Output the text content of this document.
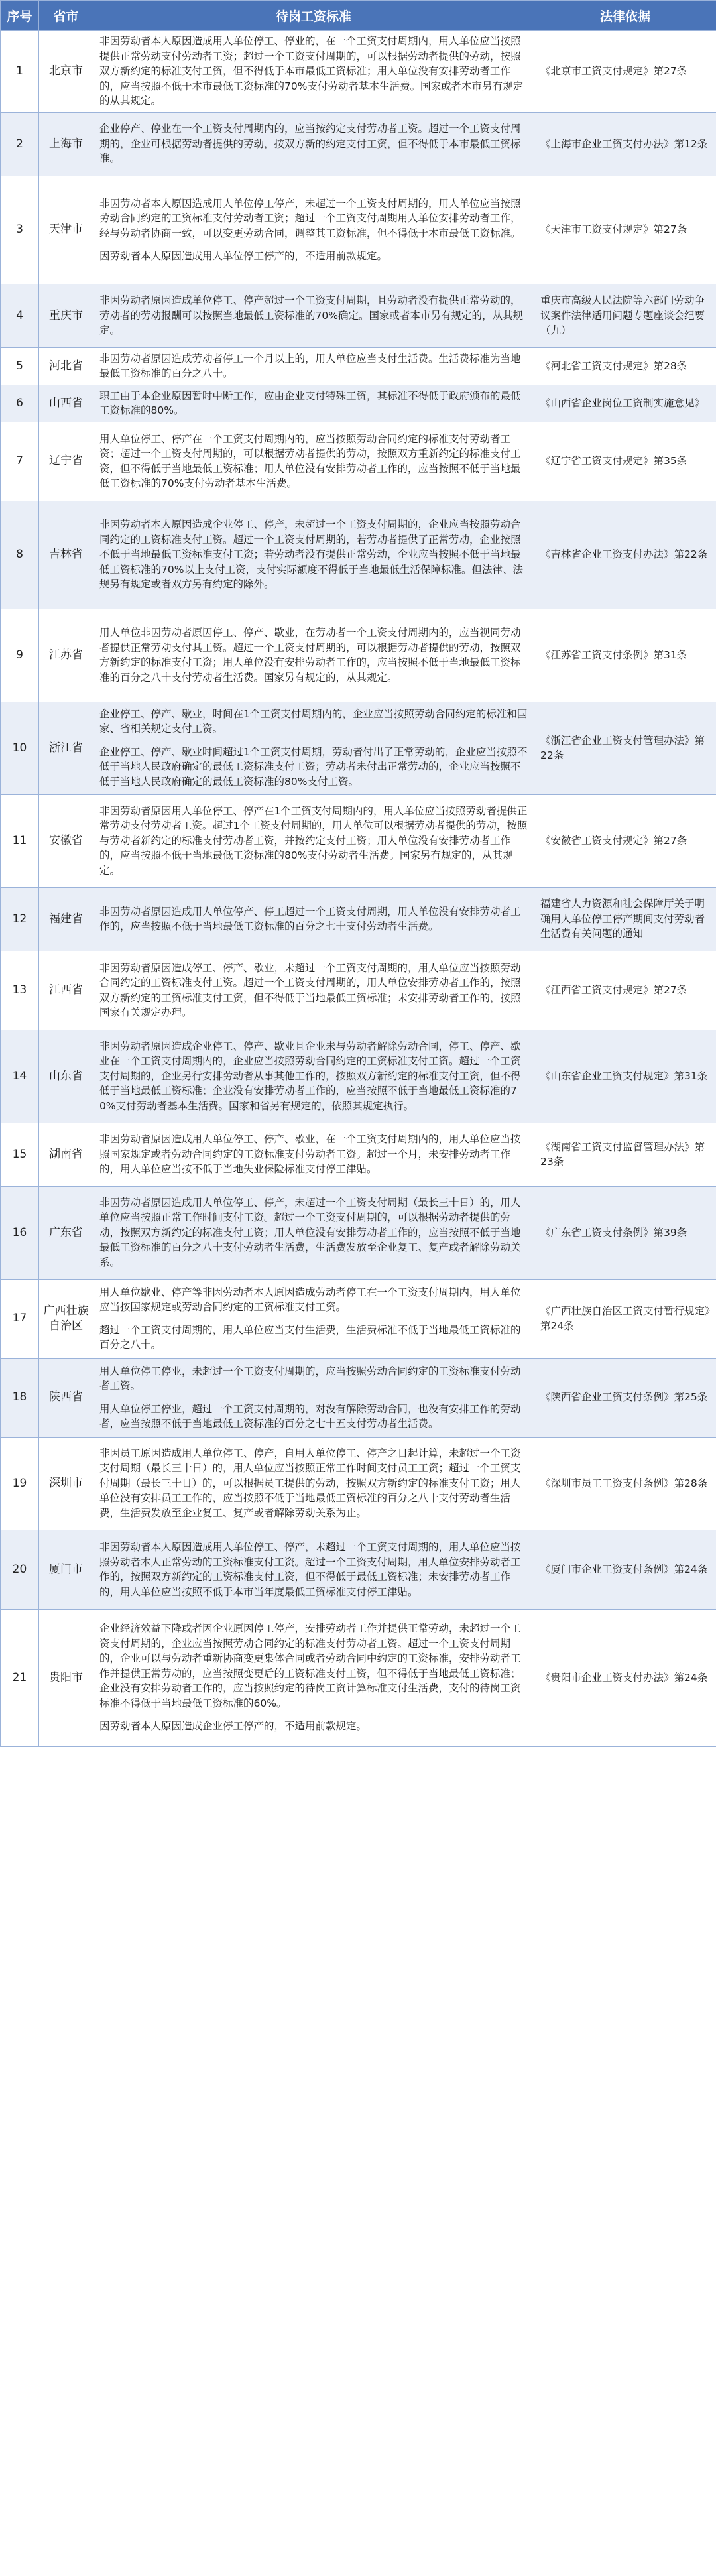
序号	省市	待岗工资标准	法律依据
1	北京市	非因劳动者本人原因造成用人单位停工、停业的，在一个工资支付周期内，用人单位应当按照提供正常劳动支付劳动者工资；超过一个工资支付周期的，可以根据劳动者提供的劳动，按照双方新约定的标准支付工资，但不得低于本市最低工资标准；用人单位没有安排劳动者工作的，应当按照不低于本市最低工资标准的70%支付劳动者基本生活费。国家或者本市另有规定的从其规定。	《北京市工资支付规定》第27条
2	上海市	企业停产、停业在一个工资支付周期内的，应当按约定支付劳动者工资。超过一个工资支付周期的，企业可根据劳动者提供的劳动，按双方新的约定支付工资，但不得低于本市最低工资标准。	《上海市企业工资支付办法》第12条
3	天津市	非因劳动者本人原因造成用人单位停工停产，未超过一个工资支付周期的，用人单位应当按照劳动合同约定的工资标准支付劳动者工资；超过一个工资支付周期用人单位安排劳动者工作，经与劳动者协商一致，可以变更劳动合同，调整其工资标准，但不得低于本市最低工资标准。

因劳动者本人原因造成用人单位停工停产的，不适用前款规定。	《天津市工资支付规定》第27条
4	重庆市	非因劳动者原因造成单位停工、停产超过一个工资支付周期，且劳动者没有提供正常劳动的，劳动者的劳动报酬可以按照当地最低工资标准的70%确定。国家或者本市另有规定的，从其规定。	重庆市高级人民法院等六部门劳动争议案件法律适用问题专题座谈会纪要（九）
5	河北省	非因劳动者原因造成劳动者停工一个月以上的，用人单位应当支付生活费。生活费标准为当地最低工资标准的百分之八十。	《河北省工资支付规定》第28条
6	山西省	职工由于本企业原因暂时中断工作，应由企业支付特殊工资，其标准不得低于政府颁布的最低工资标准的80%。	《山西省企业岗位工资制实施意见》
7	辽宁省	用人单位停工、停产在一个工资支付周期内的，应当按照劳动合同约定的标准支付劳动者工资；超过一个工资支付周期的，可以根据劳动者提供的劳动，按照双方重新约定的标准支付工资，但不得低于当地最低工资标准；用人单位没有安排劳动者工作的，应当按照不低于当地最低工资标准的70%支付劳动者基本生活费。	《辽宁省工资支付规定》第35条
8	吉林省	非因劳动者本人原因造成企业停工、停产，未超过一个工资支付周期的，企业应当按照劳动合同约定的工资标准支付工资。超过一个工资支付周期的，若劳动者提供了正常劳动，企业按照不低于当地最低工资标准支付工资；若劳动者没有提供正常劳动，企业应当按照不低于当地最低工资标准的70%以上支付工资，支付实际额度不得低于当地最低生活保障标准。但法律、法规另有规定或者双方另有约定的除外。	《吉林省企业工资支付办法》第22条
9	江苏省	用人单位非因劳动者原因停工、停产、歇业，在劳动者一个工资支付周期内的，应当视同劳动者提供正常劳动支付其工资。超过一个工资支付周期的，可以根据劳动者提供的劳动，按照双方新约定的标准支付工资；用人单位没有安排劳动者工作的，应当按照不低于当地最低工资标准的百分之八十支付劳动者生活费。国家另有规定的，从其规定。	《江苏省工资支付条例》第31条
10	浙江省	企业停工、停产、歇业，时间在1个工资支付周期内的，企业应当按照劳动合同约定的标准和国家、省相关规定支付工资。

企业停工、停产、歇业时间超过1个工资支付周期，劳动者付出了正常劳动的，企业应当按照不低于当地人民政府确定的最低工资标准支付工资；劳动者未付出正常劳动的，企业应当按照不低于当地人民政府确定的最低工资标准的80%支付工资。	《浙江省企业工资支付管理办法》第22条
11	安徽省	非因劳动者原因用人单位停工、停产在1个工资支付周期内的，用人单位应当按照劳动者提供正常劳动支付劳动者工资。超过1个工资支付周期的，用人单位可以根据劳动者提供的劳动，按照与劳动者新约定的标准支付劳动者工资，并按约定支付工资；用人单位没有安排劳动者工作的，应当按照不低于当地最低工资标准的80%支付劳动者生活费。国家另有规定的，从其规定。	《安徽省工资支付规定》第27条
12	福建省	非因劳动者原因造成用人单位停产、停工超过一个工资支付周期，用人单位没有安排劳动者工作的，应当按照不低于当地最低工资标准的百分之七十支付劳动者生活费。	福建省人力资源和社会保障厅关于明确用人单位停工停产期间支付劳动者生活费有关问题的通知
13	江西省	非因劳动者原因造成停工、停产、歇业，未超过一个工资支付周期的，用人单位应当按照劳动合同约定的工资标准支付工资。超过一个工资支付周期的，用人单位安排劳动者工作的，按照双方新约定的工资标准支付工资，但不得低于当地最低工资标准；未安排劳动者工作的，按照国家有关规定办理。	《江西省工资支付规定》第27条
14	山东省	非因劳动者原因造成企业停工、停产、歇业且企业未与劳动者解除劳动合同，停工、停产、歇业在一个工资支付周期内的，企业应当按照劳动合同约定的工资标准支付工资。超过一个工资支付周期的，企业另行安排劳动者从事其他工作的，按照双方新约定的标准支付工资，但不得低于当地最低工资标准；企业没有安排劳动者工作的，应当按照不低于当地最低工资标准的70%支付劳动者基本生活费。国家和省另有规定的，依照其规定执行。	《山东省企业工资支付规定》第31条
15	湖南省	非因劳动者原因造成用人单位停工、停产、歇业，在一个工资支付周期内的，用人单位应当按照国家规定或者劳动合同约定的工资标准支付劳动者工资。超过一个月，未安排劳动者工作的，用人单位应当按不低于当地失业保险标准支付停工津贴。	《湖南省工资支付监督管理办法》第23条
16	广东省	非因劳动者原因造成用人单位停工、停产，未超过一个工资支付周期（最长三十日）的，用人单位应当按照正常工作时间支付工资。超过一个工资支付周期的，可以根据劳动者提供的劳动，按照双方新约定的标准支付工资；用人单位没有安排劳动者工作的，应当按照不低于当地最低工资标准的百分之八十支付劳动者生活费，生活费发放至企业复工、复产或者解除劳动关系。	《广东省工资支付条例》第39条
17	广西壮族自治区	用人单位歇业、停产等非因劳动者本人原因造成劳动者停工在一个工资支付周期内，用人单位应当按国家规定或劳动合同约定的工资标准支付工资。

超过一个工资支付周期的，用人单位应当支付生活费，生活费标准不低于当地最低工资标准的百分之八十。	《广西壮族自治区工资支付暂行规定》第24条
18	陕西省	用人单位停工停业，未超过一个工资支付周期的，应当按照劳动合同约定的工资标准支付劳动者工资。

用人单位停工停业，超过一个工资支付周期的，对没有解除劳动合同，也没有安排工作的劳动者，应当按照不低于当地最低工资标准的百分之七十五支付劳动者生活费。	《陕西省企业工资支付条例》第25条
19	深圳市	非因员工原因造成用人单位停工、停产，自用人单位停工、停产之日起计算，未超过一个工资支付周期（最长三十日）的，用人单位应当按照正常工作时间支付员工工资；超过一个工资支付周期（最长三十日）的，可以根据员工提供的劳动，按照双方新约定的标准支付工资；用人单位没有安排员工工作的，应当按照不低于当地最低工资标准的百分之八十支付劳动者生活费，生活费发放至企业复工、复产或者解除劳动关系为止。	《深圳市员工工资支付条例》第28条
20	厦门市	非因劳动者本人原因造成用人单位停工、停产，未超过一个工资支付周期的，用人单位应当按照劳动者本人正常劳动的工资标准支付工资。超过一个工资支付周期，用人单位安排劳动者工作的，按照双方新约定的工资标准支付工资，但不得低于最低工资标准；未安排劳动者工作的，用人单位应当按照不低于本市当年度最低工资标准支付停工津贴。	《厦门市企业工资支付条例》第24条
21	贵阳市	企业经济效益下降或者因企业原因停工停产，安排劳动者工作并提供正常劳动，未超过一个工资支付周期的，企业应当按照劳动合同约定的标准支付劳动者工资。超过一个工资支付周期的，企业可以与劳动者重新协商变更集体合同或者劳动合同中约定的工资标准，安排劳动者工作并提供正常劳动的，应当按照变更后的工资标准支付工资，但不得低于当地最低工资标准；企业没有安排劳动者工作的，应当按照约定的待岗工资计算标准支付生活费，支付的待岗工资标准不得低于当地最低工资标准的60%。

因劳动者本人原因造成企业停工停产的，不适用前款规定。	《贵阳市企业工资支付办法》第24条
